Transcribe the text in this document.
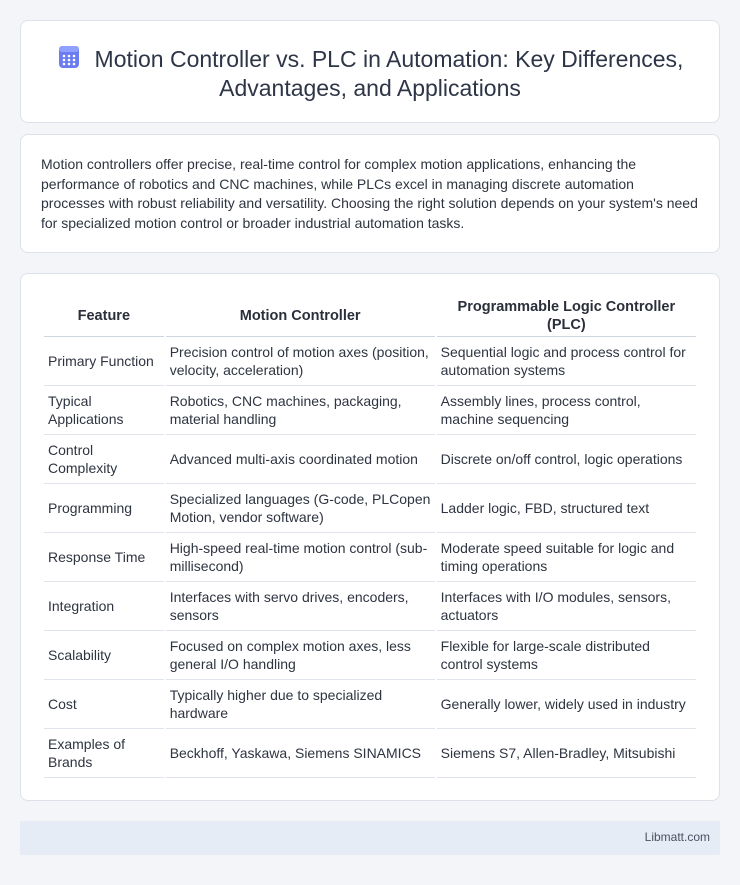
Motion Controller vs. PLC in Automation: Key Differences, Advantages, and Applications

Motion controllers offer precise, real-time control for complex motion applications, enhancing the performance of robotics and CNC machines, while PLCs excel in managing discrete automation processes with robust reliability and versatility. Choosing the right solution depends on your system's need for specialized motion control or broader industrial automation tasks.

Feature	Motion Controller	Programmable Logic Controller (PLC)
Primary Function	Precision control of motion axes (position, velocity, acceleration)	Sequential logic and process control for automation systems
Typical Applications	Robotics, CNC machines, packaging, material handling	Assembly lines, process control, machine sequencing
Control Complexity	Advanced multi-axis coordinated motion	Discrete on/off control, logic operations
Programming	Specialized languages (G-code, PLCopen Motion, vendor software)	Ladder logic, FBD, structured text
Response Time	High-speed real-time motion control (sub-millisecond)	Moderate speed suitable for logic and timing operations
Integration	Interfaces with servo drives, encoders, sensors	Interfaces with I/O modules, sensors, actuators
Scalability	Focused on complex motion axes, less general I/O handling	Flexible for large-scale distributed control systems
Cost	Typically higher due to specialized hardware	Generally lower, widely used in industry
Examples of Brands	Beckhoff, Yaskawa, Siemens SINAMICS	Siemens S7, Allen-Bradley, Mitsubishi
Libmatt.com
